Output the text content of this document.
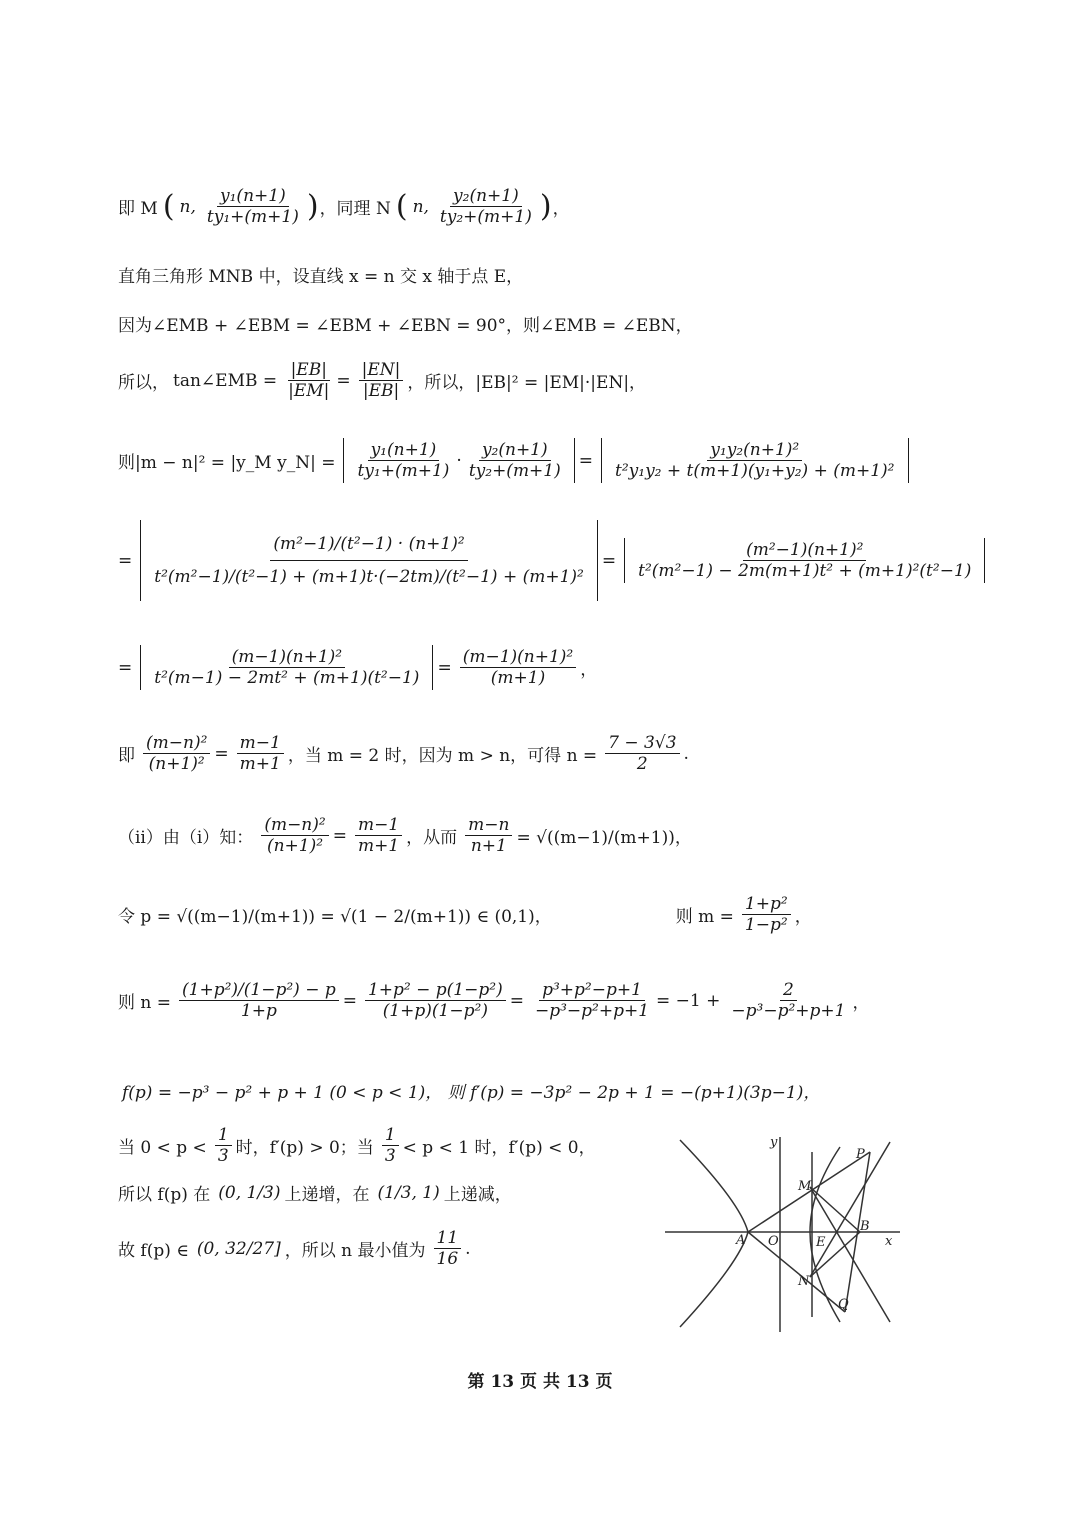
即 M ( n, $\frac{\text{y₁(n+1)}}{\text{ty₁+(m+1)}}$ ) ，同理 N ( n, $\frac{\text{y₂(n+1)}}{\text{ty₂+(m+1)}}$ ) ，
直角三角形 MNB 中，设直线 x = n 交 x 轴于点 E，
因为∠EMB + ∠EBM = ∠EBM + ∠EBN = 90°，则∠EMB = ∠EBN，
所以， tan∠EMB = $\frac{|EB|}{|EM|} = \frac{|EN|}{|EB|}$ ，所以，|EB|² = |EM|·|EN|，
则|m − n|² = |y_M y_N| = $\frac{\text{y₁(n+1)}}{\text{ty₁+(m+1)}} \cdot \frac{\text{y₂(n+1)}}{\text{ty₂+(m+1)}} = \frac{\text{y₁y₂(n+1)²}}{\text{t²y₁y₂ + t(m+1)(y₁+y₂) + (m+1)²}}$
= $\frac{\text{(m²−1)/(t²−1) · (n+1)²}}{\text{t²(m²−1)/(t²−1) + (m+1)t·(−2tm)/(t²−1) + (m+1)²}} = \frac{\text{(m²−1)(n+1)²}}{\text{t²(m²−1) − 2m(m+1)t² + (m+1)²(t²−1)}}$
= $\frac{\text{(m−1)(n+1)²}}{\text{t²(m−1) − 2mt² + (m+1)(t²−1)}} = \frac{\text{(m−1)(n+1)²}}{(m+1)}$ ，
即 $\frac{\text{(m−n)²}}{\text{(n+1)²}} = \frac{m-1}{m+1}$ ，当 m = 2 时，因为 m > n，可得 $n = \frac{7 - 3√3}{2}$ .
（ii）由（i）知： $\frac{\text{(m−n)²}}{\text{(n+1)²}} = \frac{m-1}{m+1}$ ，从而 $\frac{m-n}{n+1} = √((m-1)/(m+1))$，
令 p = √((m−1)/(m+1)) = √(1 − 2/(m+1)) ∈ (0,1)，	则 $m = \frac{\text{1+p²}}{\text{1−p²}}$ ，
则 $n = \frac{\text{(1+p²)/(1−p²) − p}}{1+p} = \frac{\text{1+p² − p(1−p²)}}{\text{(1+p)(1−p²)}} = \frac{\text{p³+p²−p+1}}{\text{−p³−p²+p+1}} = -1 + \frac{2}{\text{−p³−p²+p+1}}$ ，
f(p) = −p³ − p² + p + 1 (0 < p < 1)， 则 f′(p) = −3p² − 2p + 1 = −(p+1)(3p−1)，
当 $0 < p < \frac{1}{3}$ 时，f′(p) > 0；当 $\frac{1}{3} < p < 1$ 时，f′(p) < 0，
所以 f(p) 在 (0, 1/3) 上递增，在 (1/3, 1) 上递减，
故 f(p) ∈ (0, 32/27] ，所以 n 最小值为 $\frac{11}{16}$ .
y
x
P
M
B
A O	E
N
Q
第 13 页 共 13 页
